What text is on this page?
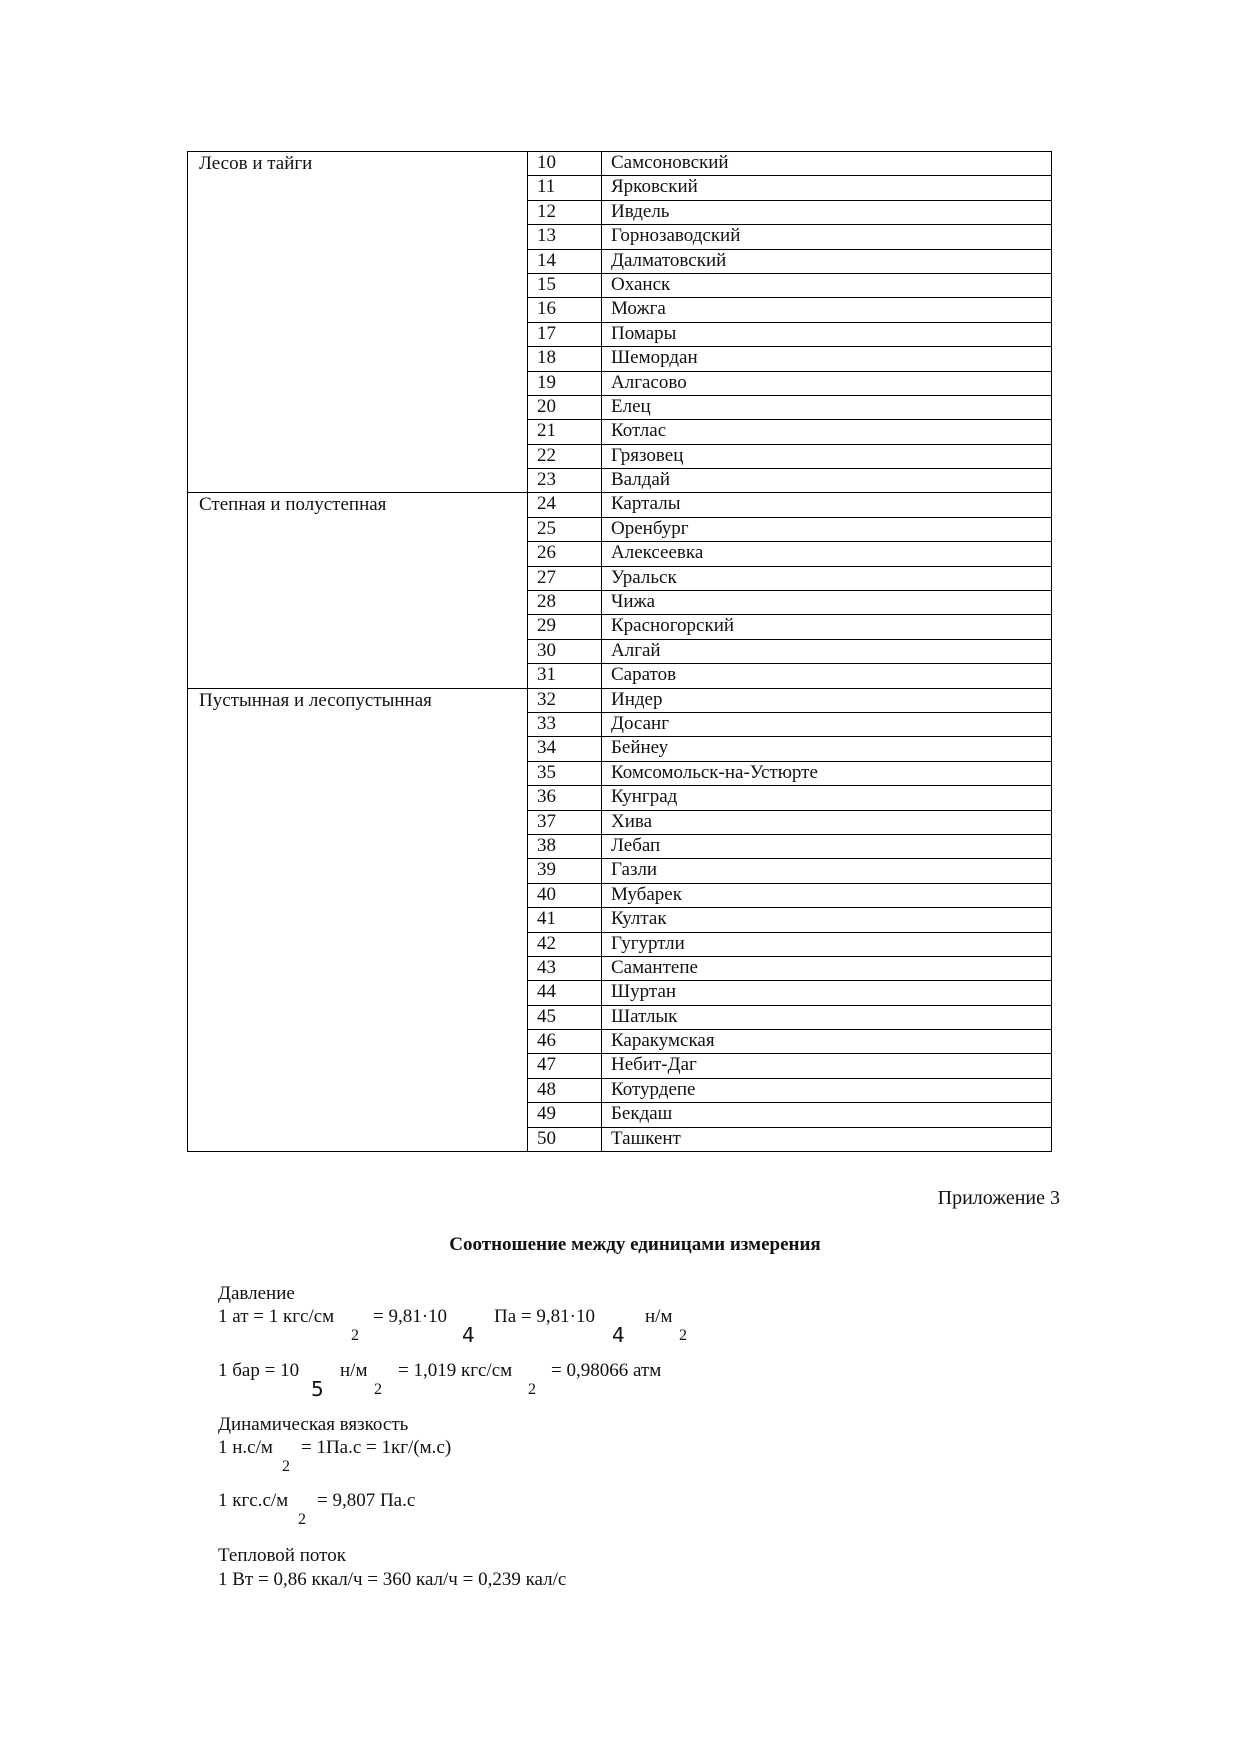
Лесов и тайги	10	Самсоновский
	11	Ярковский
	12	Ивдель
	13	Горнозаводский
	14	Далматовский
	15	Оханск
	16	Можга
	17	Помары
	18	Шемордан
	19	Алгасово
	20	Елец
	21	Котлас
	22	Грязовец
	23	Валдай
Степная и полустепная	24	Карталы
	25	Оренбург
	26	Алексеевка
	27	Уральск
	28	Чижа
	29	Красногорский
	30	Алгай
	31	Саратов
Пустынная и лесопустынная	32	Индер
	33	Досанг
	34	Бейнеу
	35	Комсомольск-на-Устюрте
	36	Кунград
	37	Хива
	38	Лебап
	39	Газли
	40	Мубарек
	41	Култак
	42	Гугуртли
	43	Самантепе
	44	Шуртан
	45	Шатлык
	46	Каракумская
	47	Небит-Даг
	48	Котурдепе
	49	Бекдаш
	50	Ташкент
Приложение 3
Соотношение между единицами измерения
Давление
1 ат = 1 кгс/см
2
= 9,81·10
4
Па = 9,81·10
4
н/м
2
1 бар = 10
5
н/м
2
= 1,019 кгс/см
2
= 0,98066 атм
Динамическая вязкость
1 н.с/м
2
= 1Па.с = 1кг/(м.с)
1 кгс.с/м
2
= 9,807 Па.с
Тепловой поток
1 Вт = 0,86 ккал/ч = 360 кал/ч = 0,239 кал/с
